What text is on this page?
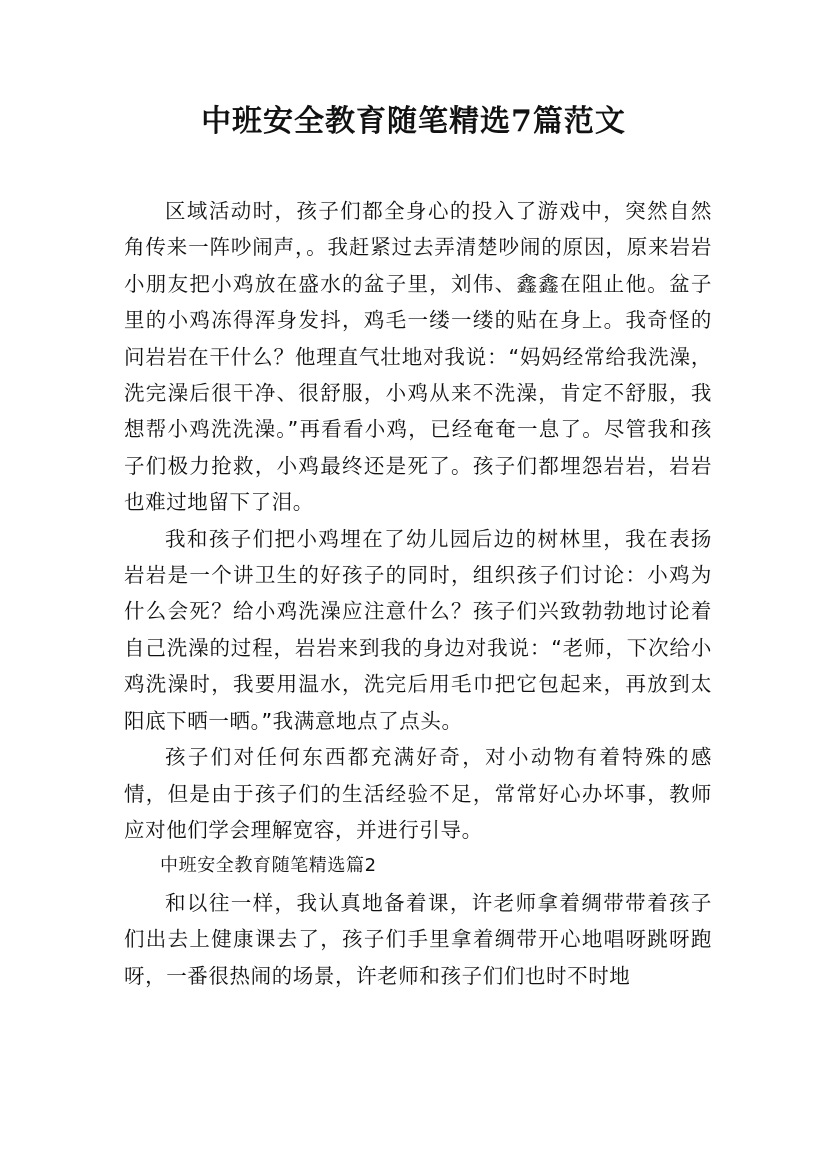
中班安全教育随笔精选7篇范文

区域活动时，孩子们都全身心的投入了游戏中，突然自然角传来一阵吵闹声，。我赶紧过去弄清楚吵闹的原因，原来岩岩小朋友把小鸡放在盛水的盆子里，刘伟、鑫鑫在阻止他。盆子里的小鸡冻得浑身发抖，鸡毛一缕一缕的贴在身上。我奇怪的问岩岩在干什么？他理直气壮地对我说：“妈妈经常给我洗澡，洗完澡后很干净、很舒服，小鸡从来不洗澡，肯定不舒服，我想帮小鸡洗洗澡。”再看看小鸡，已经奄奄一息了。尽管我和孩子们极力抢救，小鸡最终还是死了。孩子们都埋怨岩岩，岩岩也难过地留下了泪。

我和孩子们把小鸡埋在了幼儿园后边的树林里，我在表扬岩岩是一个讲卫生的好孩子的同时，组织孩子们讨论：小鸡为什么会死？给小鸡洗澡应注意什么？孩子们兴致勃勃地讨论着自己洗澡的过程，岩岩来到我的身边对我说：“老师，下次给小鸡洗澡时，我要用温水，洗完后用毛巾把它包起来，再放到太阳底下晒一晒。”我满意地点了点头。

孩子们对任何东西都充满好奇，对小动物有着特殊的感情，但是由于孩子们的生活经验不足，常常好心办坏事，教师应对他们学会理解宽容，并进行引导。

中班安全教育随笔精选篇2

和以往一样，我认真地备着课，许老师拿着绸带带着孩子们出去上健康课去了，孩子们手里拿着绸带开心地唱呀跳呀跑呀，一番很热闹的场景，许老师和孩子们们也时不时地
